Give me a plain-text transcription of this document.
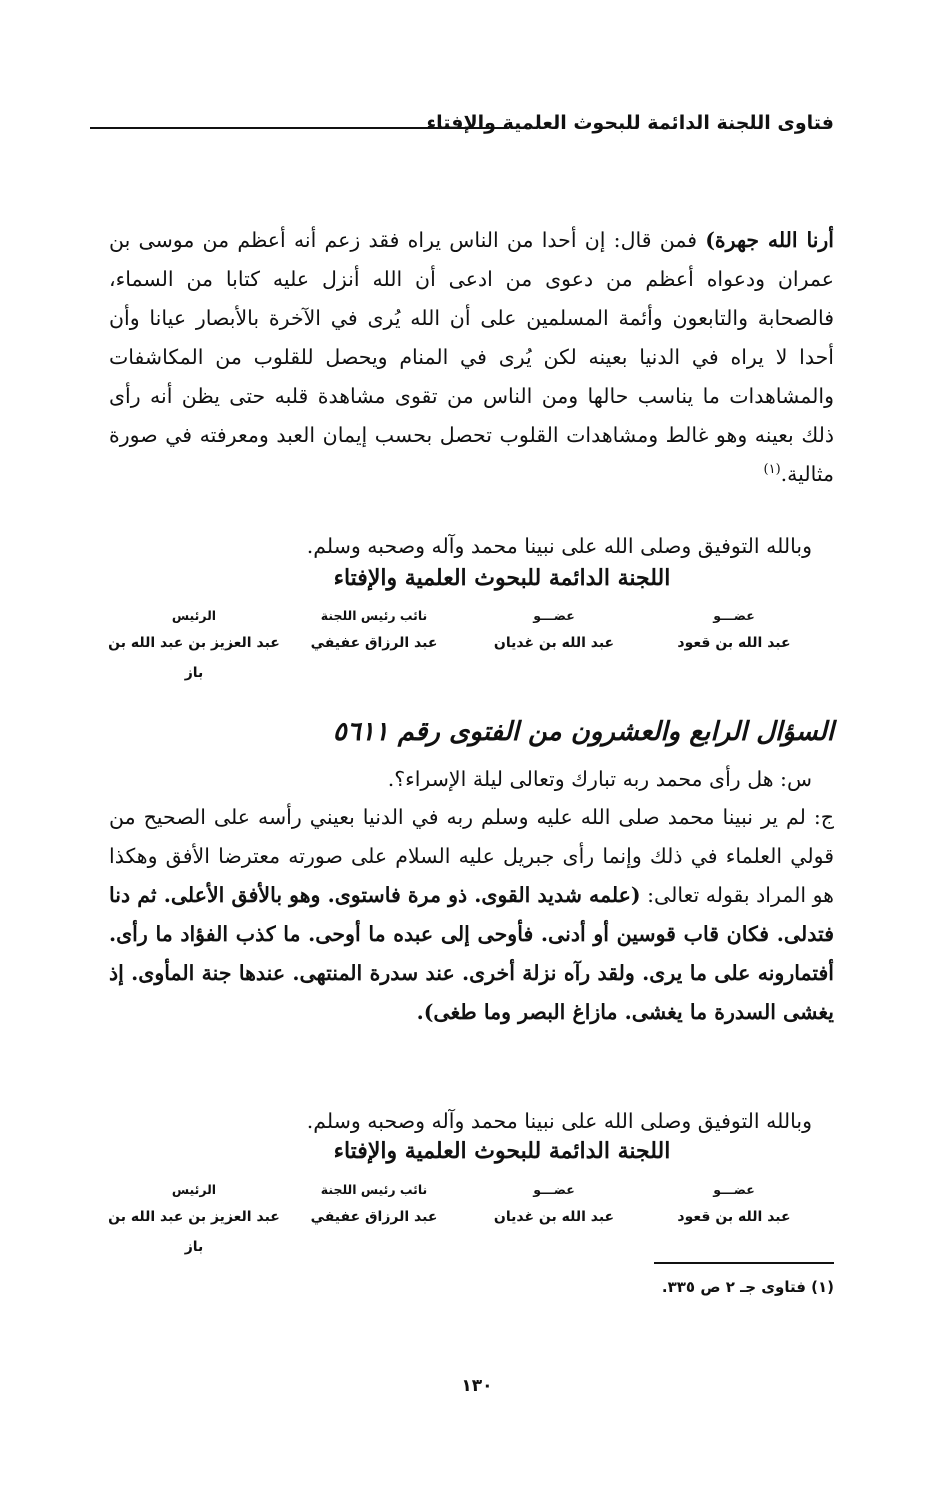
فتاوى اللجنة الدائمة للبحوث العلمية والإفتاء
أرنا الله جهرة) فمن قال: إن أحدا من الناس يراه فقد زعم أنه أعظم من موسى بن عمران ودعواه أعظم من دعوى من ادعى أن الله أنزل عليه كتابا من السماء، فالصحابة والتابعون وأئمة المسلمين على أن الله يُرى في الآخرة بالأبصار عيانا وأن أحدا لا يراه في الدنيا بعينه لكن يُرى في المنام ويحصل للقلوب من المكاشفات والمشاهدات ما يناسب حالها ومن الناس من تقوى مشاهدة قلبه حتى يظن أنه رأى ذلك بعينه وهو غالط ومشاهدات القلوب تحصل بحسب إيمان العبد ومعرفته في صورة مثالية.$^{(١)}$
وبالله التوفيق وصلى الله على نبينا محمد وآله وصحبه وسلم.
اللجنة الدائمة للبحوث العلمية والإفتاء
عضـــو
عبد الله بن قعود
عضـــو
عبد الله بن غديان
نائب رئيس اللجنة
عبد الرزاق عفيفي
الرئيس
عبد العزيز بن عبد الله بن باز
السؤال الرابع والعشرون من الفتوى رقم ٥٦١١
س: هل رأى محمد ربه تبارك وتعالى ليلة الإسراء؟.
ج: لم ير نبينا محمد صلى الله عليه وسلم ربه في الدنيا بعيني رأسه على الصحيح من قولي العلماء في ذلك وإنما رأى جبريل عليه السلام على صورته معترضا الأفق وهكذا هو المراد بقوله تعالى: (علمه شديد القوى. ذو مرة فاستوى. وهو بالأفق الأعلى. ثم دنا فتدلى. فكان قاب قوسين أو أدنى. فأوحى إلى عبده ما أوحى. ما كذب الفؤاد ما رأى. أفتمارونه على ما يرى. ولقد رآه نزلة أخرى. عند سدرة المنتهى. عندها جنة المأوى. إذ يغشى السدرة ما يغشى. مازاغ البصر وما طغى).
وبالله التوفيق وصلى الله على نبينا محمد وآله وصحبه وسلم.
اللجنة الدائمة للبحوث العلمية والإفتاء
عضـــو
عبد الله بن قعود
عضـــو
عبد الله بن غديان
نائب رئيس اللجنة
عبد الرزاق عفيفي
الرئيس
عبد العزيز بن عبد الله بن باز
(١) فتاوى جـ ٢ ص ٣٣٥.
١٣٠
